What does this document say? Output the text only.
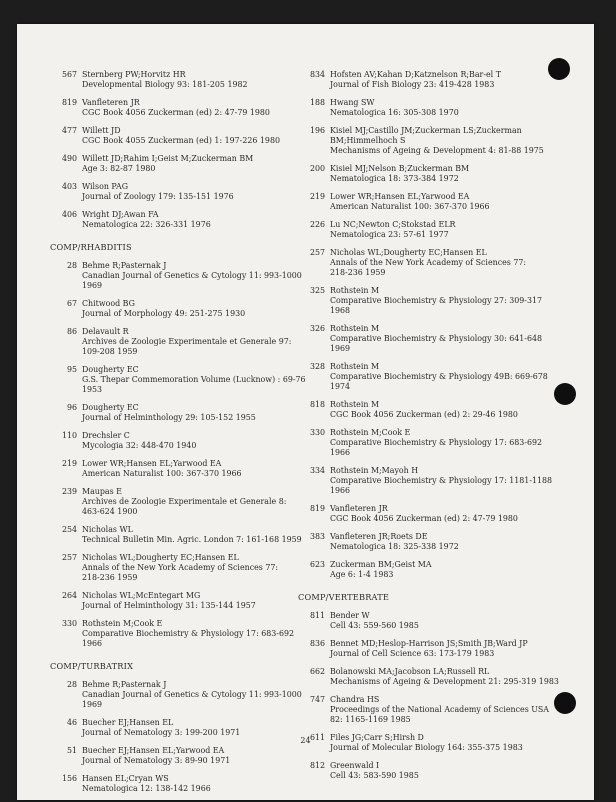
567 Sternberg PW;Horvitz HR
Developmental Biology 93: 181-205 1982
819 Vanfleteren JR
CGC Book 4056 Zuckerman (ed) 2: 47-79 1980
477 Willett JD
CGC Book 4055 Zuckerman (ed) 1: 197-226 1980
490 Willett JD;Rahim I;Geist M;Zuckerman BM
Age 3: 82-87 1980
403 Wilson PAG
Journal of Zoology 179: 135-151 1976
406 Wright DJ;Awan FA
Nematologica 22: 326-331 1976
COMP/RHABDITIS
28 Behme R;Pasternak J
Canadian Journal of Genetics & Cytology 11: 993-1000
1969
67 Chitwood BG
Journal of Morphology 49: 251-275 1930
86 Delavault R
Archives de Zoologie Experimentale et Generale 97:
109-208 1959
95 Dougherty EC
G.S. Thepar Commemoration Volume (Lucknow) : 69-76
1953
96 Dougherty EC
Journal of Helminthology 29: 105-152 1955
110 Drechsler C
Mycologia 32: 448-470 1940
219 Lower WR;Hansen EL;Yarwood EA
American Naturalist 100: 367-370 1966
239 Maupas E
Archives de Zoologie Experimentale et Generale 8:
463-624 1900
254 Nicholas WL
Technical Bulletin Min. Agric. London 7: 161-168 1959
257 Nicholas WL;Dougherty EC;Hansen EL
Annals of the New York Academy of Sciences 77:
218-236 1959
264 Nicholas WL;McEntegart MG
Journal of Helminthology 31: 135-144 1957
330 Rothstein M;Cook E
Comparative Biochemistry & Physiology 17: 683-692
1966
COMP/TURBATRIX
28 Behme R;Pasternak J
Canadian Journal of Genetics & Cytology 11: 993-1000
1969
46 Buecher EJ;Hansen EL
Journal of Nematology 3: 199-200 1971
51 Buecher EJ;Hansen EL;Yarwood EA
Journal of Nematology 3: 89-90 1971
156 Hansen EL;Cryan WS
Nematologica 12: 138-142 1966
834 Hofsten AV;Kahan D;Katznelson R;Bar-el T
Journal of Fish Biology 23: 419-428 1983
188 Hwang SW
Nematologica 16: 305-308 1970
196 Kisiel MJ;Castillo JM;Zuckerman LS;Zuckerman
BM;Himmelhoch S
Mechanisms of Ageing & Development 4: 81-88 1975
200 Kisiel MJ;Nelson B;Zuckerman BM
Nematologica 18: 373-384 1972
219 Lower WR;Hansen EL;Yarwood EA
American Naturalist 100: 367-370 1966
226 Lu NC;Newton C;Stokstad ELR
Nematologica 23: 57-61 1977
257 Nicholas WL;Dougherty EC;Hansen EL
Annals of the New York Academy of Sciences 77:
218-236 1959
325 Rothstein M
Comparative Biochemistry & Physiology 27: 309-317
1968
326 Rothstein M
Comparative Biochemistry & Physiology 30: 641-648
1969
328 Rothstein M
Comparative Biochemistry & Physiology 49B: 669-678
1974
818 Rothstein M
CGC Book 4056 Zuckerman (ed) 2: 29-46 1980
330 Rothstein M;Cook E
Comparative Biochemistry & Physiology 17: 683-692
1966
334 Rothstein M;Mayoh H
Comparative Biochemistry & Physiology 17: 1181-1188
1966
819 Vanfleteren JR
CGC Book 4056 Zuckerman (ed) 2: 47-79 1980
383 Vanfleteren JR;Roets DE
Nematologica 18: 325-338 1972
623 Zuckerman BM;Geist MA
Age 6: 1-4 1983
COMP/VERTEBRATE
811 Bender W
Cell 43: 559-560 1985
836 Bennet MD;Heslop-Harrison JS;Smith JB;Ward JP
Journal of Cell Science 63: 173-179 1983
662 Bolanowski MA;Jacobson LA;Russell RL
Mechanisms of Ageing & Development 21: 295-319 1983
747 Chandra HS
Proceedings of the National Academy of Sciences USA
82: 1165-1169 1985
611 Files JG;Carr S;Hirsh D
Journal of Molecular Biology 164: 355-375 1983
812 Greenwald I
Cell 43: 583-590 1985
24
